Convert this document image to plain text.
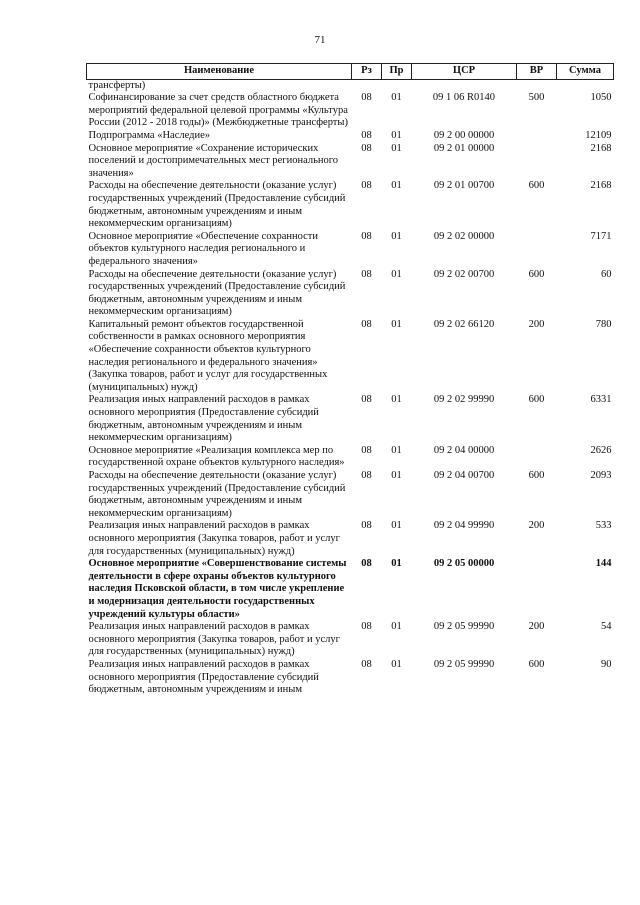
71
Наименование	Рз	Пр	ЦСР	ВР	Сумма
трансферты)					
Софинансирование за счет средств областного бюджета мероприятий федеральной целевой программы «Культура России (2012 - 2018 годы)» (Межбюджетные трансферты)	08	01	09 1 06 R0140	500	1050
Подпрограмма «Наследие»	08	01	09 2 00 00000		12109
Основное мероприятие «Сохранение исторических поселений и достопримечательных мест регионального значения»	08	01	09 2 01 00000		2168
Расходы на обеспечение деятельности (оказание услуг) государственных учреждений (Предоставление субсидий бюджетным, автономным учреждениям и иным некоммерческим организациям)	08	01	09 2 01 00700	600	2168
Основное мероприятие «Обеспечение сохранности объектов культурного наследия регионального и федерального значения»	08	01	09 2 02 00000		7171
Расходы на обеспечение деятельности (оказание услуг) государственных учреждений (Предоставление субсидий бюджетным, автономным учреждениям и иным некоммерческим организациям)	08	01	09 2 02 00700	600	60
Капитальный ремонт объектов государственной собственности в рамках основного мероприятия «Обеспечение сохранности объектов культурного наследия регионального и федерального значения» (Закупка товаров, работ и услуг для государственных (муниципальных) нужд)	08	01	09 2 02 66120	200	780
Реализация иных направлений расходов в рамках основного мероприятия (Предоставление субсидий бюджетным, автономным учреждениям и иным некоммерческим организациям)	08	01	09 2 02 99990	600	6331
Основное мероприятие «Реализация комплекса мер по государственной охране объектов культурного наследия»	08	01	09 2 04 00000		2626
Расходы на обеспечение деятельности (оказание услуг) государственных учреждений (Предоставление субсидий бюджетным, автономным учреждениям и иным некоммерческим организациям)	08	01	09 2 04 00700	600	2093
Реализация иных направлений расходов в рамках основного мероприятия (Закупка товаров, работ и услуг для государственных (муниципальных) нужд)	08	01	09 2 04 99990	200	533
Основное мероприятие «Совершенствование системы деятельности в сфере охраны объектов культурного наследия Псковской области, в том числе укрепление и модернизация деятельности государственных учреждений культуры области»	08	01	09 2 05 00000		144
Реализация иных направлений расходов в рамках основного мероприятия (Закупка товаров, работ и услуг для государственных (муниципальных) нужд)	08	01	09 2 05 99990	200	54
Реализация иных направлений расходов в рамках основного мероприятия (Предоставление субсидий бюджетным, автономным учреждениям и иным	08	01	09 2 05 99990	600	90
